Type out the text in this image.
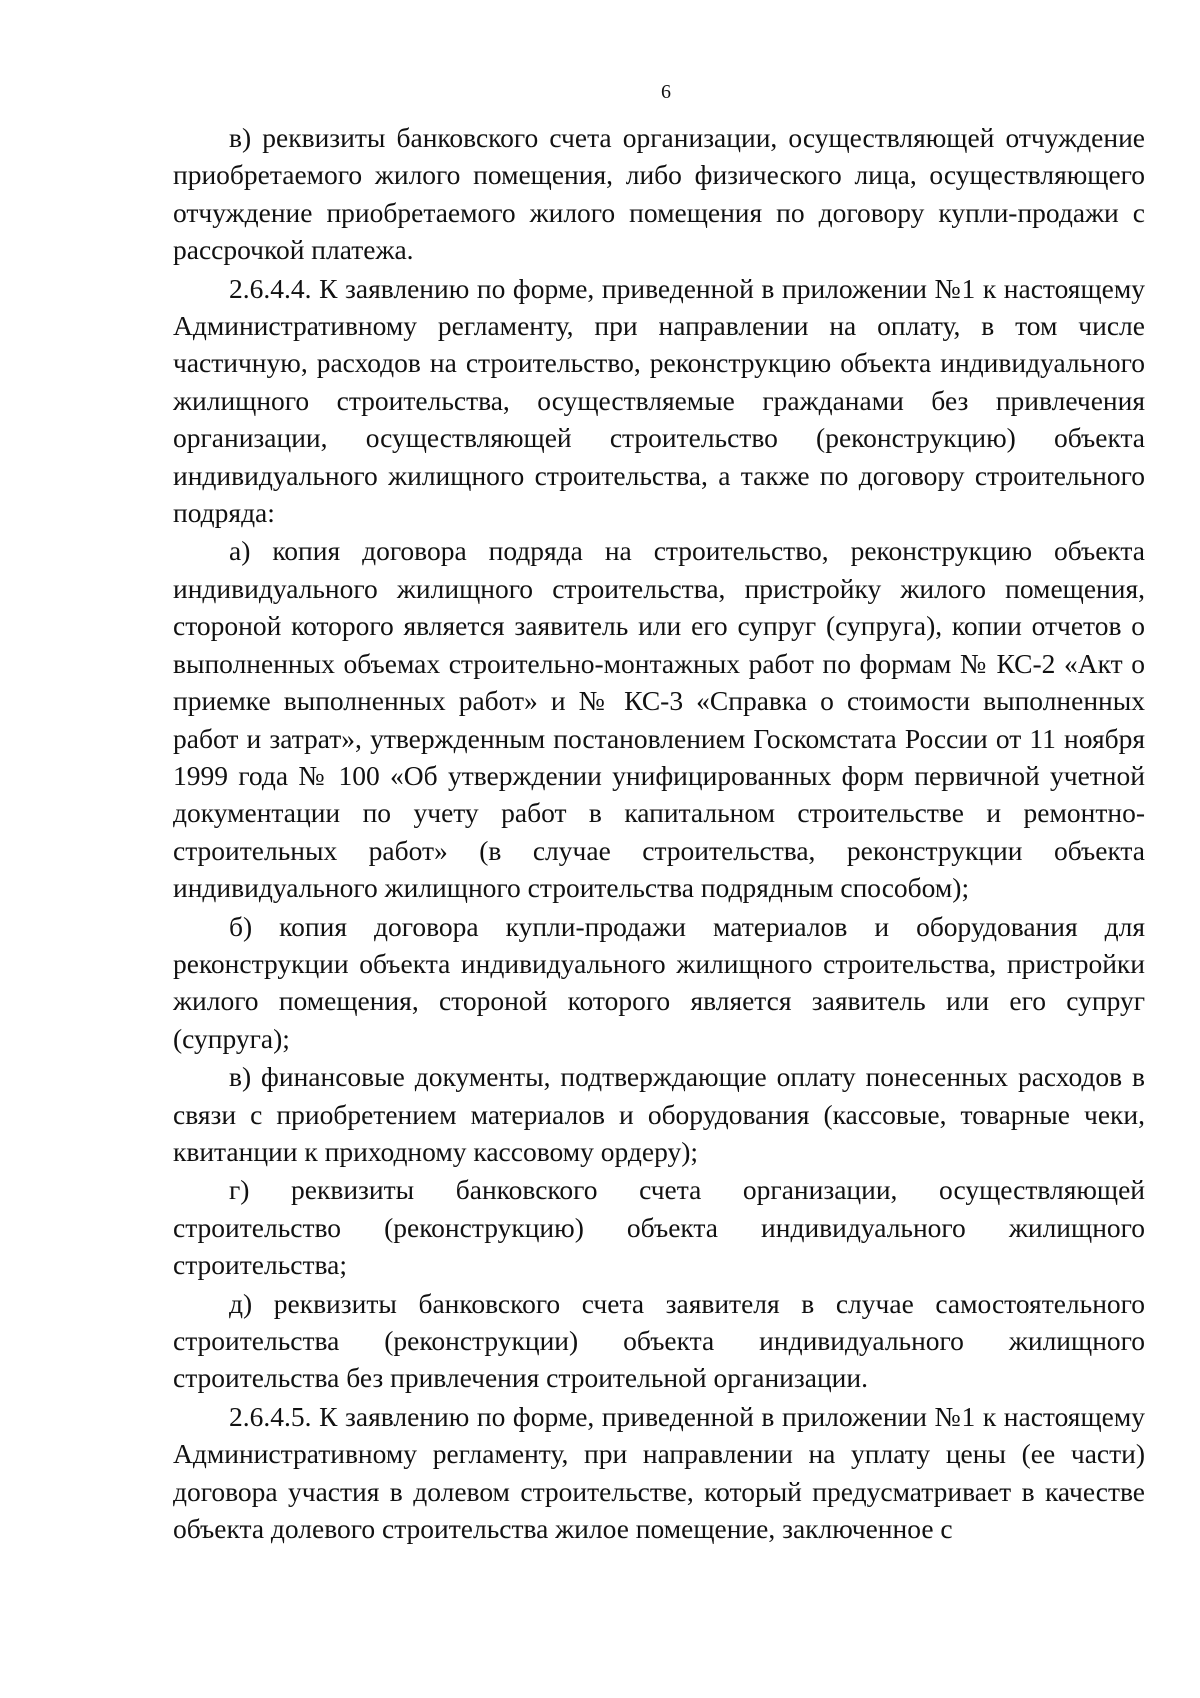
6

в) реквизиты банковского счета организации, осуществляющей отчуждение приобретаемого жилого помещения, либо физического лица, осуществляющего отчуждение приобретаемого жилого помещения по договору купли-продажи с рассрочкой платежа.

2.6.4.4. К заявлению по форме, приведенной в приложении №1 к настоящему Административному регламенту, при направлении на оплату, в том числе частичную, расходов на строительство, реконструкцию объекта индивидуального жилищного строительства, осуществляемые гражданами без привлечения организации, осуществляющей строительство (реконструкцию) объекта индивидуального жилищного строительства, а также по договору строительного подряда:

а) копия договора подряда на строительство, реконструкцию объекта индивидуального жилищного строительства, пристройку жилого помещения, стороной которого является заявитель или его супруг (супруга), копии отчетов о выполненных объемах строительно-монтажных работ по формам № КС-2 «Акт о приемке выполненных работ» и № КС-3 «Справка о стоимости выполненных работ и затрат», утвержденным постановлением Госкомстата России от 11 ноября 1999 года № 100 «Об утверждении унифицированных форм первичной учетной документации по учету работ в капитальном строительстве и ремонтно-строительных работ» (в случае строительства, реконструкции объекта индивидуального жилищного строительства подрядным способом);

б) копия договора купли-продажи материалов и оборудования для реконструкции объекта индивидуального жилищного строительства, пристройки жилого помещения, стороной которого является заявитель или его супруг (супруга);

в) финансовые документы, подтверждающие оплату понесенных расходов в связи с приобретением материалов и оборудования (кассовые, товарные чеки, квитанции к приходному кассовому ордеру);

г) реквизиты банковского счета организации, осуществляющей строительство (реконструкцию) объекта индивидуального жилищного строительства;

д) реквизиты банковского счета заявителя в случае самостоятельного строительства (реконструкции) объекта индивидуального жилищного строительства без привлечения строительной организации.

2.6.4.5. К заявлению по форме, приведенной в приложении №1 к настоящему Административному регламенту, при направлении на уплату цены (ее части) договора участия в долевом строительстве, который предусматривает в качестве объекта долевого строительства жилое помещение, заключенное с
